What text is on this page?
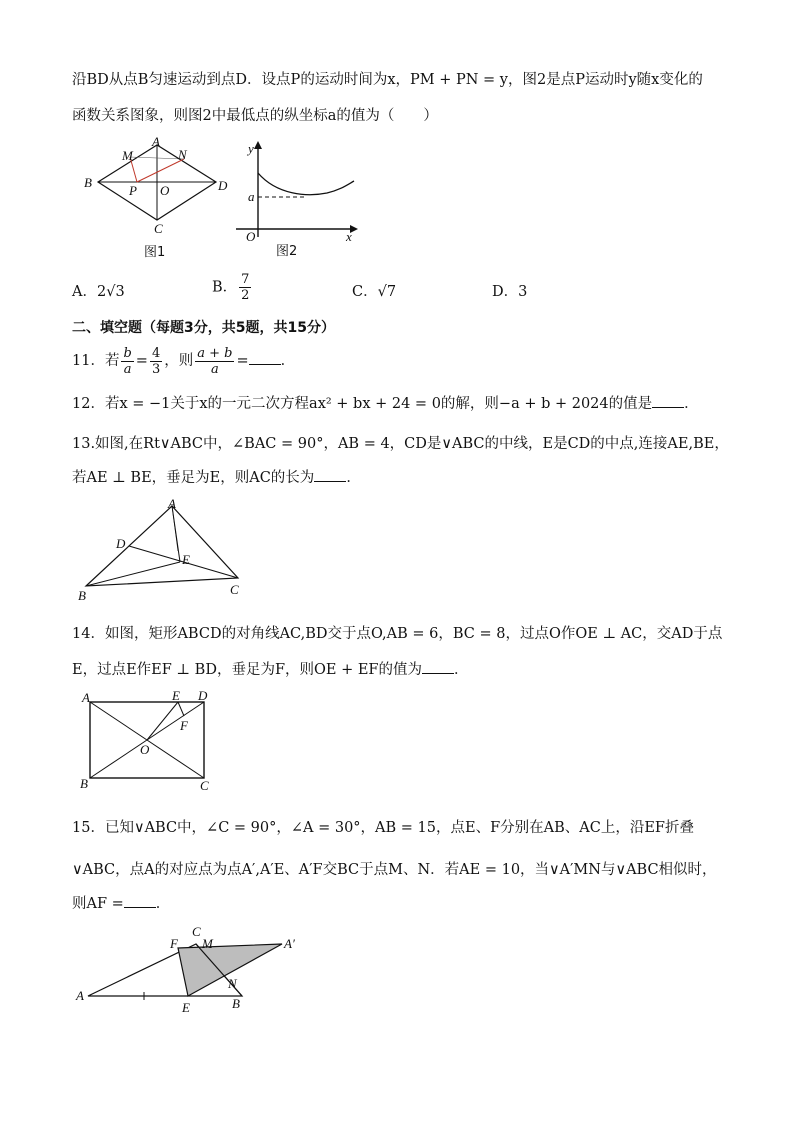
沿BD从点B匀速运动到点D．设点P的运动时间为x，PM + PN = y，图2是点P运动时y随x变化的
函数关系图象，则图2中最低点的纵坐标a的值为（　　）
A
B
C
D
M	N
P O
图1
y
x
O
a
图2
A．2√3	B． $\frac{7}{2}$	C．√7	D．3
二、填空题（每题3分，共5题，共15分）
11．若 $\frac{b}{a} = \frac{4}{3}$ ，则 $\frac{a + b}{a}$ = ．
12．若x = −1关于x的一元二次方程ax² + bx + 24 = 0的解，则−a + b + 2024的值是 ．
13.如图,在Rt∨ABC中，∠BAC = 90°，AB = 4，CD是∨ABC的中线，E是CD的中点,连接AE,BE，
若AE ⊥ BE，垂足为E，则AC的长为 ．
A
D
E
B	C
14．如图，矩形ABCD的对角线AC,BD交于点O,AB = 6，BC = 8，过点O作OE ⊥ AC，交AD于点
E，过点E作EF ⊥ BD，垂足为F，则OE + EF的值为 ．
A	E D
F
O
B	C
15．已知∨ABC中，∠C = 90°，∠A = 30°，AB = 15，点E、F分别在AB、AC上，沿EF折叠
∨ABC，点A的对应点为点A′,A′E、A′F交BC于点M、N．若AE = 10，当∨A′MN与∨ABC相似时，
则AF = ．
C
F M	A′
N
A
E	B
